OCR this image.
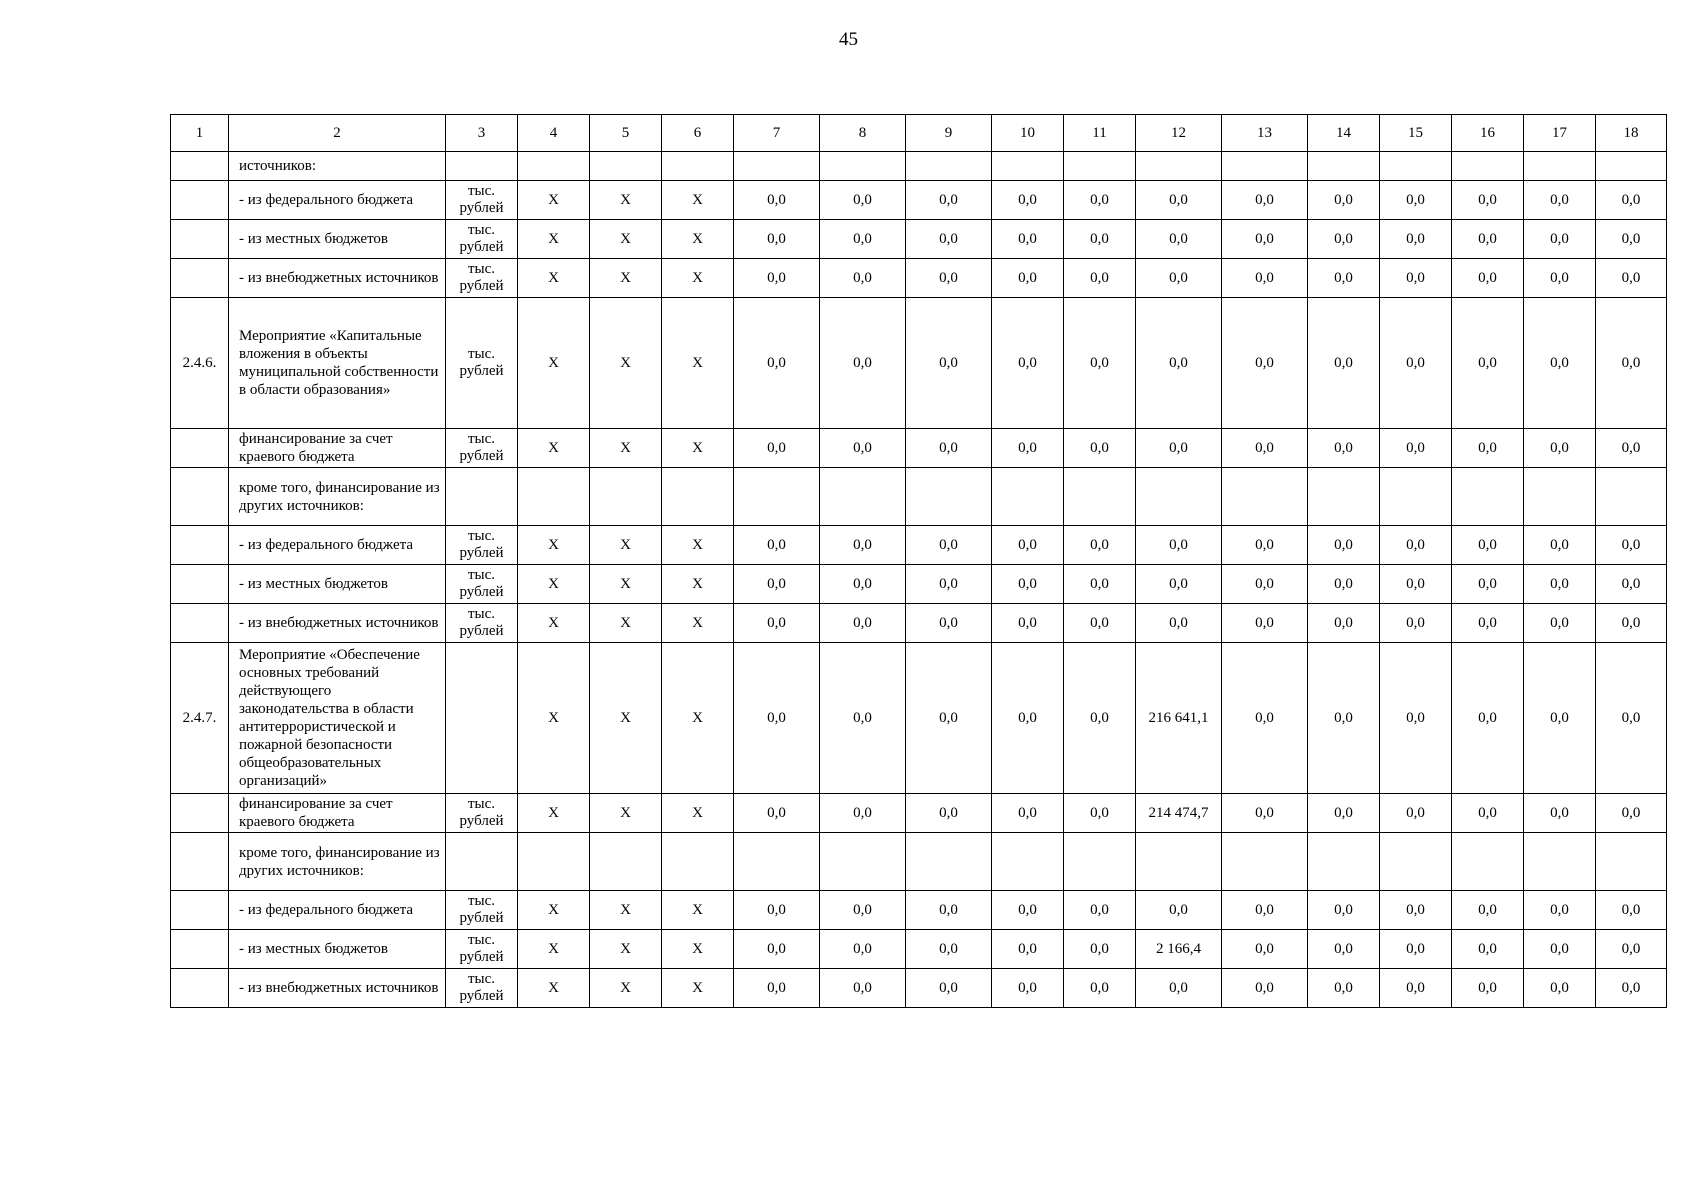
45
1	2	3	4	5	6	7	8	9	10	11	12	13	14	15	16	17	18
	источников:																
	- из федерального бюджета	тыс. рублей	X	X	X	0,0	0,0	0,0	0,0	0,0	0,0	0,0	0,0	0,0	0,0	0,0	0,0
	- из местных бюджетов	тыс. рублей	X	X	X	0,0	0,0	0,0	0,0	0,0	0,0	0,0	0,0	0,0	0,0	0,0	0,0
	- из внебюджетных источников	тыс. рублей	X	X	X	0,0	0,0	0,0	0,0	0,0	0,0	0,0	0,0	0,0	0,0	0,0	0,0
2.4.6.	Мероприятие «Капитальные вложения в объекты муниципальной собственности в области образования»	тыс. рублей	X	X	X	0,0	0,0	0,0	0,0	0,0	0,0	0,0	0,0	0,0	0,0	0,0	0,0
	финансирование за счет краевого бюджета	тыс. рублей	X	X	X	0,0	0,0	0,0	0,0	0,0	0,0	0,0	0,0	0,0	0,0	0,0	0,0
	кроме того, финансирование из других источников:																
	- из федерального бюджета	тыс. рублей	X	X	X	0,0	0,0	0,0	0,0	0,0	0,0	0,0	0,0	0,0	0,0	0,0	0,0
	- из местных бюджетов	тыс. рублей	X	X	X	0,0	0,0	0,0	0,0	0,0	0,0	0,0	0,0	0,0	0,0	0,0	0,0
	- из внебюджетных источников	тыс. рублей	X	X	X	0,0	0,0	0,0	0,0	0,0	0,0	0,0	0,0	0,0	0,0	0,0	0,0
2.4.7.	Мероприятие «Обеспечение основных требований действующего законодательства в области антитеррористической и пожарной безопасности общеобразовательных организаций»		X	X	X	0,0	0,0	0,0	0,0	0,0	216 641,1	0,0	0,0	0,0	0,0	0,0	0,0
	финансирование за счет краевого бюджета	тыс. рублей	X	X	X	0,0	0,0	0,0	0,0	0,0	214 474,7	0,0	0,0	0,0	0,0	0,0	0,0
	кроме того, финансирование из других источников:																
	- из федерального бюджета	тыс. рублей	X	X	X	0,0	0,0	0,0	0,0	0,0	0,0	0,0	0,0	0,0	0,0	0,0	0,0
	- из местных бюджетов	тыс. рублей	X	X	X	0,0	0,0	0,0	0,0	0,0	2 166,4	0,0	0,0	0,0	0,0	0,0	0,0
	- из внебюджетных источников	тыс. рублей	X	X	X	0,0	0,0	0,0	0,0	0,0	0,0	0,0	0,0	0,0	0,0	0,0	0,0
